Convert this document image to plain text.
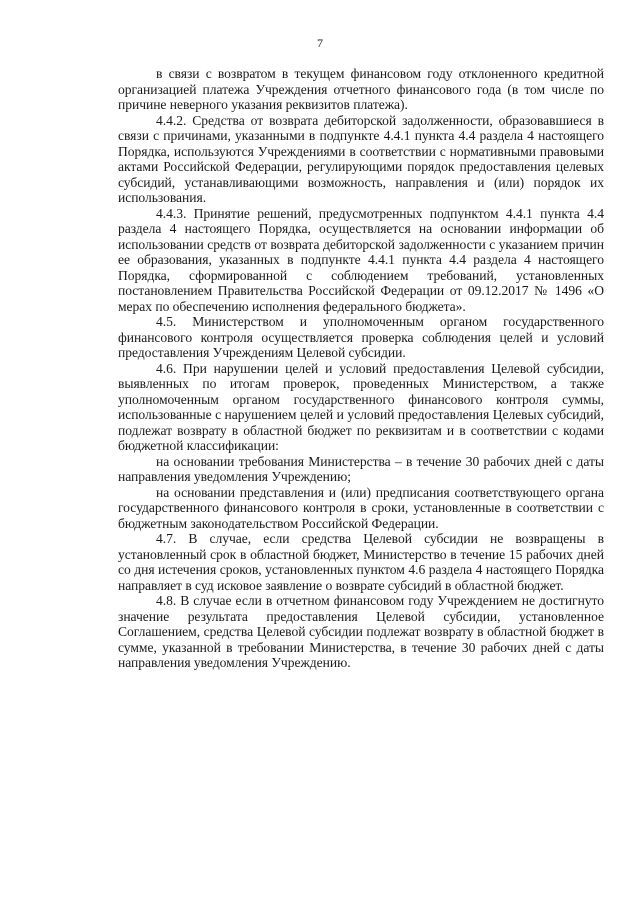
7

в связи с возвратом в текущем финансовом году отклоненного кредитной организацией платежа Учреждения отчетного финансового года (в том числе по причине неверного указания реквизитов платежа).

4.4.2. Средства от возврата дебиторской задолженности, образовавшиеся в связи с причинами, указанными в подпункте 4.4.1 пункта 4.4 раздела 4 настоящего Порядка, используются Учреждениями в соответствии с нормативными правовыми актами Российской Федерации, регулирующими порядок предоставления целевых субсидий, устанавливающими возможность, направления и (или) порядок их использования.

4.4.3. Принятие решений, предусмотренных подпунктом 4.4.1 пункта 4.4 раздела 4 настоящего Порядка, осуществляется на основании информации об использовании средств от возврата дебиторской задолженности с указанием причин ее образования, указанных в подпункте 4.4.1 пункта 4.4 раздела 4 настоящего Порядка, сформированной с соблюдением требований, установленных постановлением Правительства Российской Федерации от 09.12.2017 № 1496 «О мерах по обеспечению исполнения федерального бюджета».

4.5. Министерством и уполномоченным органом государственного финансового контроля осуществляется проверка соблюдения целей и условий предоставления Учреждениям Целевой субсидии.

4.6. При нарушении целей и условий предоставления Целевой субсидии, выявленных по итогам проверок, проведенных Министерством, а также уполномоченным органом государственного финансового контроля суммы, использованные с нарушением целей и условий предоставления Целевых субсидий, подлежат возврату в областной бюджет по реквизитам и в соответствии с кодами бюджетной классификации:

на основании требования Министерства – в течение 30 рабочих дней с даты направления уведомления Учреждению;

на основании представления и (или) предписания соответствующего органа государственного финансового контроля в сроки, установленные в соответствии с бюджетным законодательством Российской Федерации.

4.7. В случае, если средства Целевой субсидии не возвращены в установленный срок в областной бюджет, Министерство в течение 15 рабочих дней со дня истечения сроков, установленных пунктом 4.6 раздела 4 настоящего Порядка направляет в суд исковое заявление о возврате субсидий в областной бюджет.

4.8. В случае если в отчетном финансовом году Учреждением не достигнуто значение результата предоставления Целевой субсидии, установленное Соглашением, средства Целевой субсидии подлежат возврату в областной бюджет в сумме, указанной в требовании Министерства, в течение 30 рабочих дней с даты направления уведомления Учреждению.
